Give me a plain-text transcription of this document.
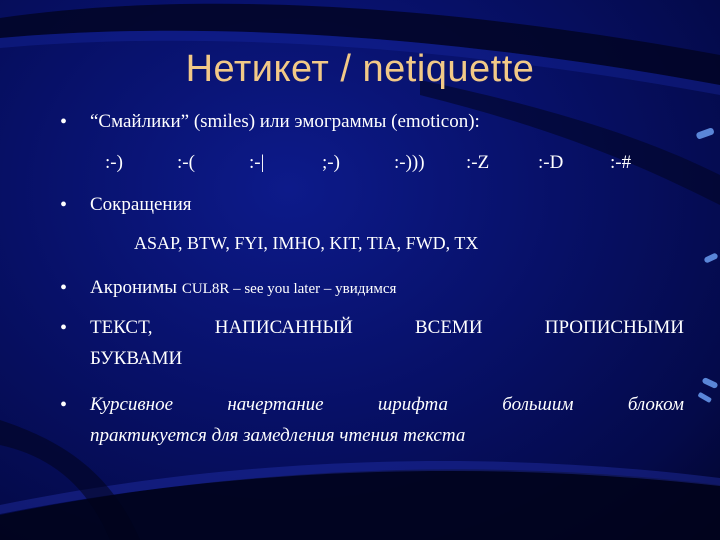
Нетикет / netiquette
• “Смайлики” (smiles) или эмограммы (emoticon):
:-)	:-(	:-|	;-)	:-))) :-Z	:-D :-#
• Сокращения
ASAP, BTW, FYI, IMHO, KIT, TIA, FWD, TX
• Акронимы CUL8R – see you later – увидимся
• ТЕКСТ, НАПИСАННЫЙ ВСЕМИ ПРОПИСНЫМИ
БУКВАМИ
• Курсивное начертание шрифта большим блоком
практикуется для замедления чтения текста
